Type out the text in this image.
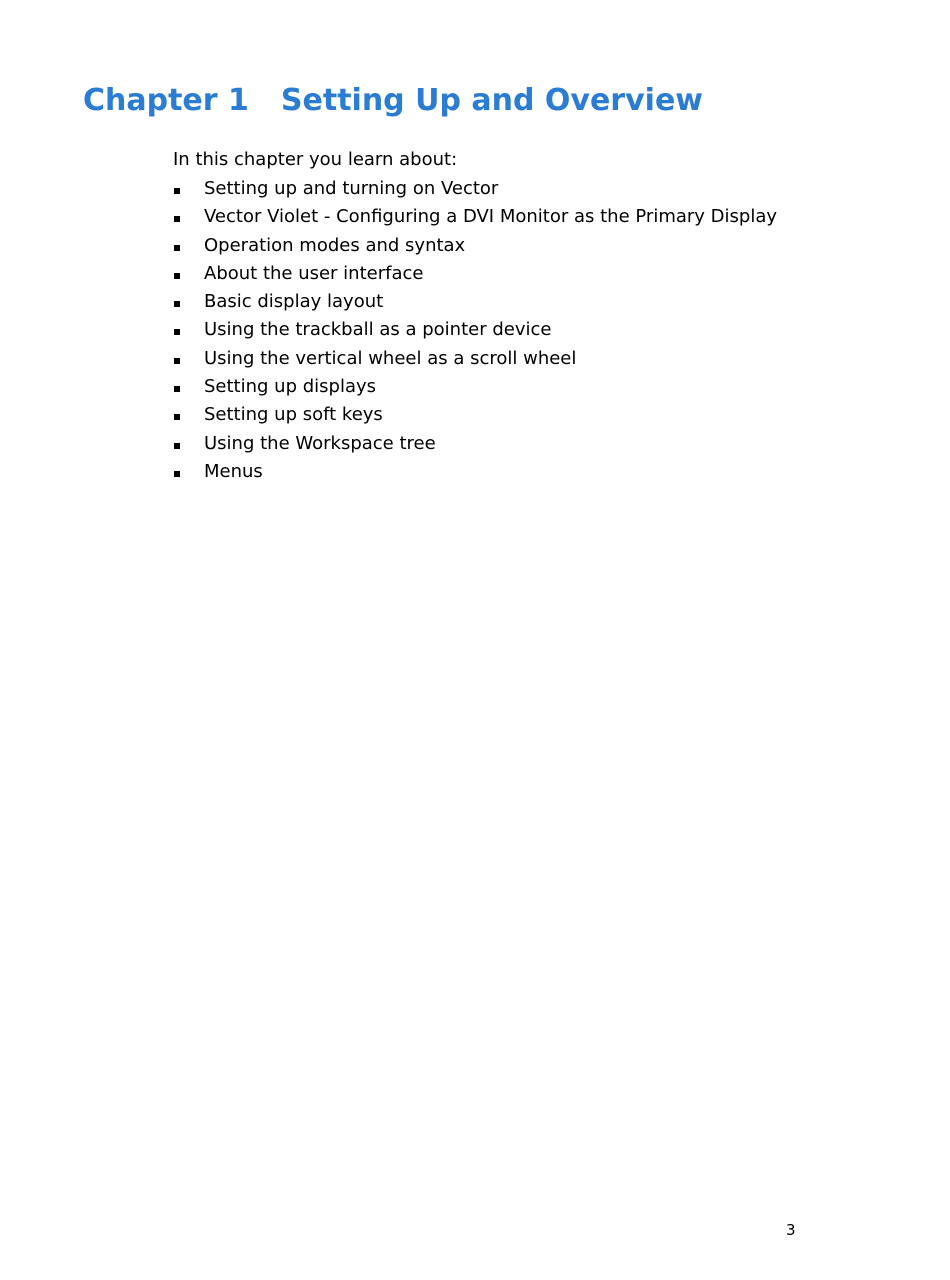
Chapter 1 Setting Up and Overview

In this chapter you learn about:

Setting up and turning on Vector
Vector Violet - Configuring a DVI Monitor as the Primary Display
Operation modes and syntax
About the user interface
Basic display layout
Using the trackball as a pointer device
Using the vertical wheel as a scroll wheel
Setting up displays
Setting up soft keys
Using the Workspace tree
Menus
3
